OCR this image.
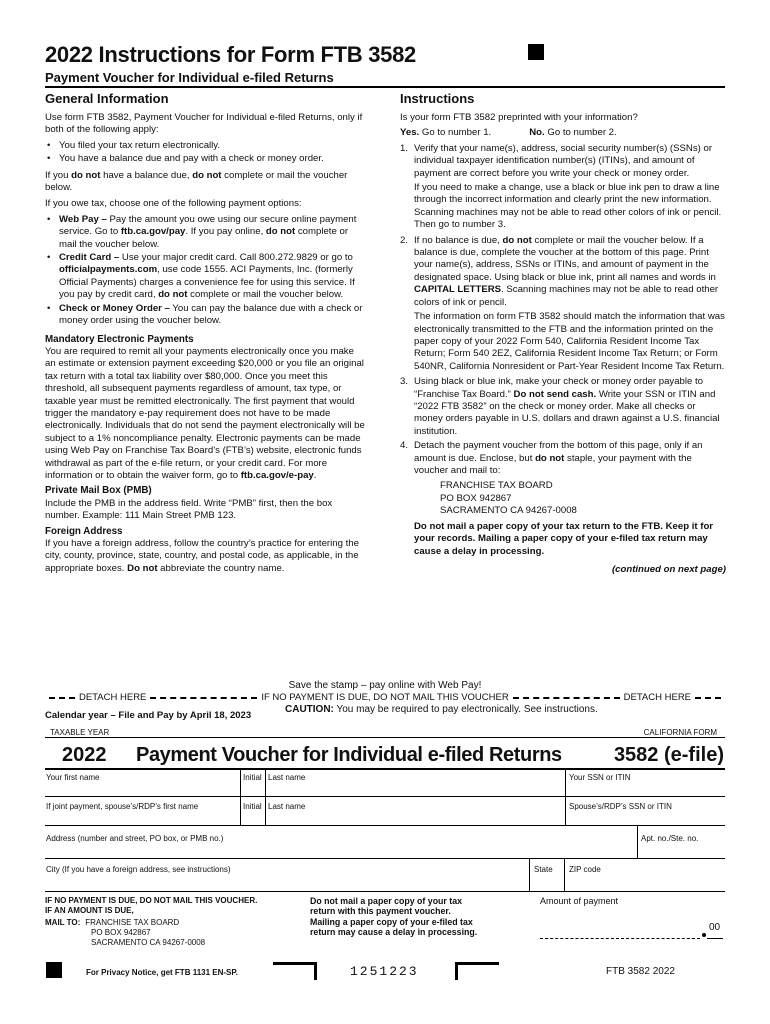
2022 Instructions for Form FTB 3582
Payment Voucher for Individual e-filed Returns
General Information

Use form FTB 3582, Payment Voucher for Individual e-filed Returns, only if both of the following apply:

• You filed your tax return electronically.
• You have a balance due and pay with a check or money order.

If you do not have a balance due, do not complete or mail the voucher below.

If you owe tax, choose one of the following payment options:

• Web Pay – Pay the amount you owe using our secure online payment service. Go to ftb.ca.gov/pay. If you pay online, do not complete or mail the voucher below.
• Credit Card – Use your major credit card. Call 800.272.9829 or go to officialpayments.com, use code 1555. ACI Payments, Inc. (formerly Official Payments) charges a convenience fee for using this service. If you pay by credit card, do not complete or mail the voucher below.
• Check or Money Order – You can pay the balance due with a check or money order using the voucher below.
Mandatory Electronic Payments

You are required to remit all your payments electronically once you make an estimate or extension payment exceeding $20,000 or you file an original tax return with a total tax liability over $80,000. Once you meet this threshold, all subsequent payments regardless of amount, tax type, or taxable year must be remitted electronically. The first payment that would trigger the mandatory e-pay requirement does not have to be made electronically. Individuals that do not send the payment electronically will be subject to a 1% noncompliance penalty. Electronic payments can be made using Web Pay on Franchise Tax Board’s (FTB’s) website, electronic funds withdrawal as part of the e-file return, or your credit card. For more information or to obtain the waiver form, go to ftb.ca.gov/e-pay.

Private Mail Box (PMB)

Include the PMB in the address field. Write “PMB” first, then the box number. Example: 111 Main Street PMB 123.

Foreign Address

If you have a foreign address, follow the country’s practice for entering the city, county, province, state, country, and postal code, as applicable, in the appropriate boxes. Do not abbreviate the country name.

Instructions

Is your form FTB 3582 preprinted with your information?

Yes. Go to number 1.	No. Go to number 2.

1. Verify that your name(s), address, social security number(s) (SSNs) or individual taxpayer identification number(s) (ITINs), and amount of payment are correct before you write your check or money order.

If you need to make a change, use a black or blue ink pen to draw a line through the incorrect information and clearly print the new information. Scanning machines may not be able to read other colors of ink or pencil. Then go to number 3.

2. If no balance is due, do not complete or mail the voucher below. If a balance is due, complete the voucher at the bottom of this page. Print your name(s), address, SSNs or ITINs, and amount of payment in the designated space. Using black or blue ink, print all names and words in CAPITAL LETTERS. Scanning machines may not be able to read other colors of ink or pencil.

The information on form FTB 3582 should match the information that was electronically transmitted to the FTB and the information printed on the paper copy of your 2022 Form 540, California Resident Income Tax Return; Form 540 2EZ, California Resident Income Tax Return; or Form 540NR, California Nonresident or Part-Year Resident Income Tax Return.

3. Using black or blue ink, make your check or money order payable to “Franchise Tax Board.” Do not send cash. Write your SSN or ITIN and “2022 FTB 3582” on the check or money order. Make all checks or money orders payable in U.S. dollars and drawn against a U.S. financial institution.
4. Detach the payment voucher from the bottom of this page, only if an amount is due. Enclose, but do not staple, your payment with the voucher and mail to:
FRANCHISE TAX BOARD
PO BOX 942867
SACRAMENTO CA 94267-0008

Do not mail a paper copy of your tax return to the FTB. Keep it for your records. Mailing a paper copy of your e-filed tax return may cause a delay in processing.

(continued on next page)

Save the stamp – pay online with Web Pay!
DETACH HERE	IF NO PAYMENT IS DUE, DO NOT MAIL THIS VOUCHER	DETACH HERE
Calendar year – File and Pay by April 18, 2023
CAUTION: You may be required to pay electronically. See instructions.
TAXABLE YEAR	CALIFORNIA FORM
2022 Payment Voucher for Individual e-filed Returns	3582 (e-file)
Your first name	Initial Last name	Your SSN or ITIN
If joint payment, spouse’s/RDP’s first name	Initial Last name	Spouse’s/RDP’s SSN or ITIN
Address (number and street, PO box, or PMB no.)	Apt. no./Ste. no.
City (If you have a foreign address, see instructions)	State ZIP code
IF NO PAYMENT IS DUE, DO NOT MAIL THIS VOUCHER.
IF AN AMOUNT IS DUE,
MAIL TO: FRANCHISE TAX BOARD
PO BOX 942867
SACRAMENTO CA 94267-0008
Do not mail a paper copy of your tax
return with this payment voucher.
Mailing a paper copy of your e-filed tax
return may cause a delay in processing.
Amount of payment
00
For Privacy Notice, get FTB 1131 EN-SP.	1251223	FTB 3582 2022
